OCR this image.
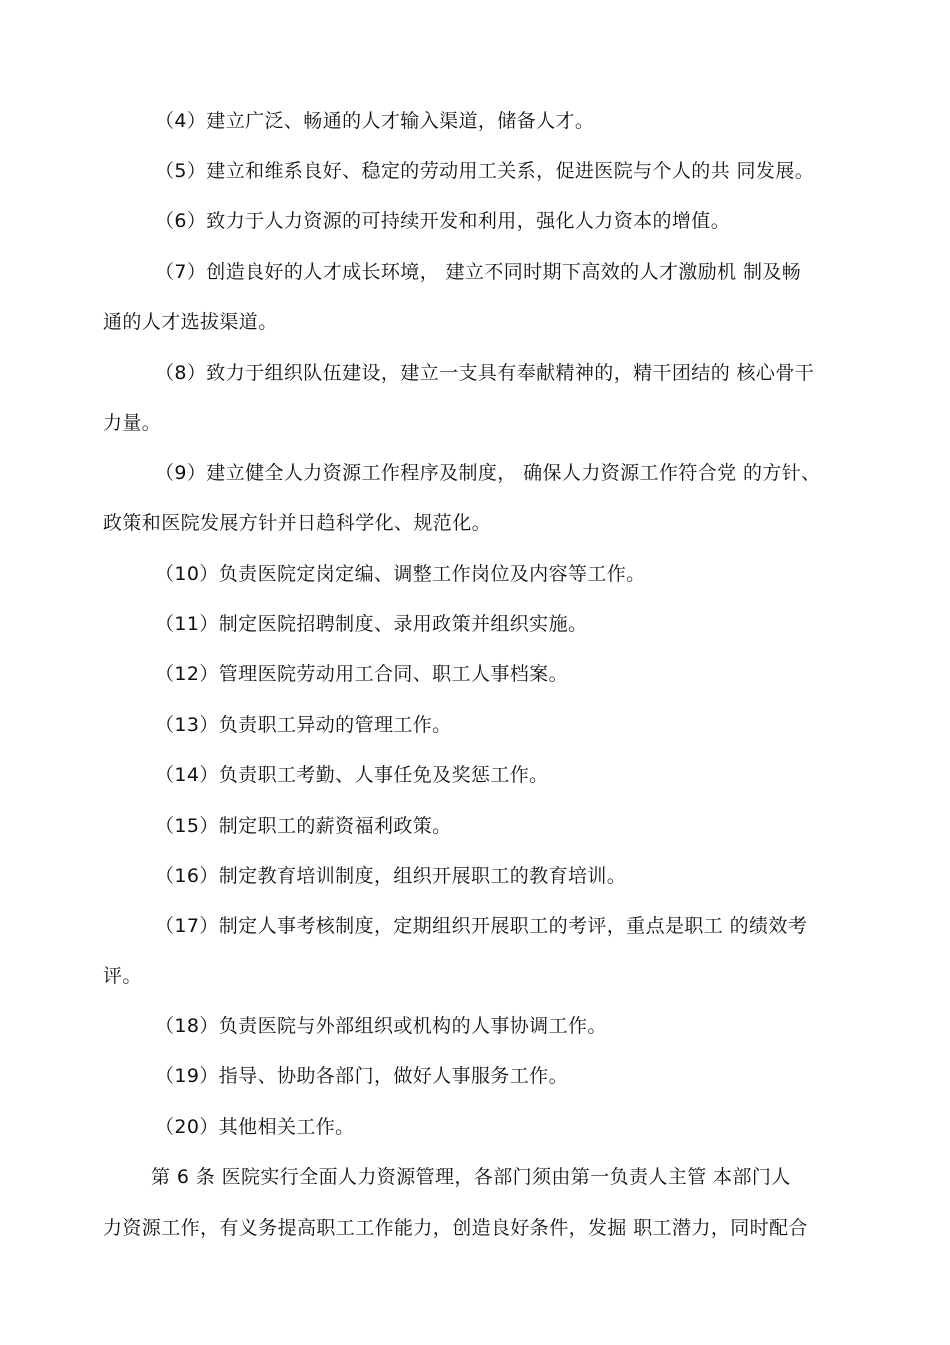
（4）建立广泛、畅通的人才输入渠道，储备人才。
（5）建立和维系良好、稳定的劳动用工关系，促进医院与个人的共 同发展。
（6）致力于人力资源的可持续开发和利用，强化人力资本的增值。
（7）创造良好的人才成长环境， 建立不同时期下高效的人才激励机 制及畅
通的人才选拔渠道。
（8）致力于组织队伍建设，建立一支具有奉献精神的，精干团结的 核心骨干
力量。
（9）建立健全人力资源工作程序及制度， 确保人力资源工作符合党 的方针、
政策和医院发展方针并日趋科学化、规范化。
（10）负责医院定岗定编、调整工作岗位及内容等工作。
（11）制定医院招聘制度、录用政策并组织实施。
（12）管理医院劳动用工合同、职工人事档案。
（13）负责职工异动的管理工作。
（14）负责职工考勤、人事任免及奖惩工作。
（15）制定职工的薪资福利政策。
（16）制定教育培训制度，组织开展职工的教育培训。
（17）制定人事考核制度，定期组织开展职工的考评，重点是职工 的绩效考
评。
（18）负责医院与外部组织或机构的人事协调工作。
（19）指导、协助各部门，做好人事服务工作。
（20）其他相关工作。
第 6 条 医院实行全面人力资源管理，各部门须由第一负责人主管 本部门人
力资源工作，有义务提高职工工作能力，创造良好条件，发掘 职工潜力，同时配合
